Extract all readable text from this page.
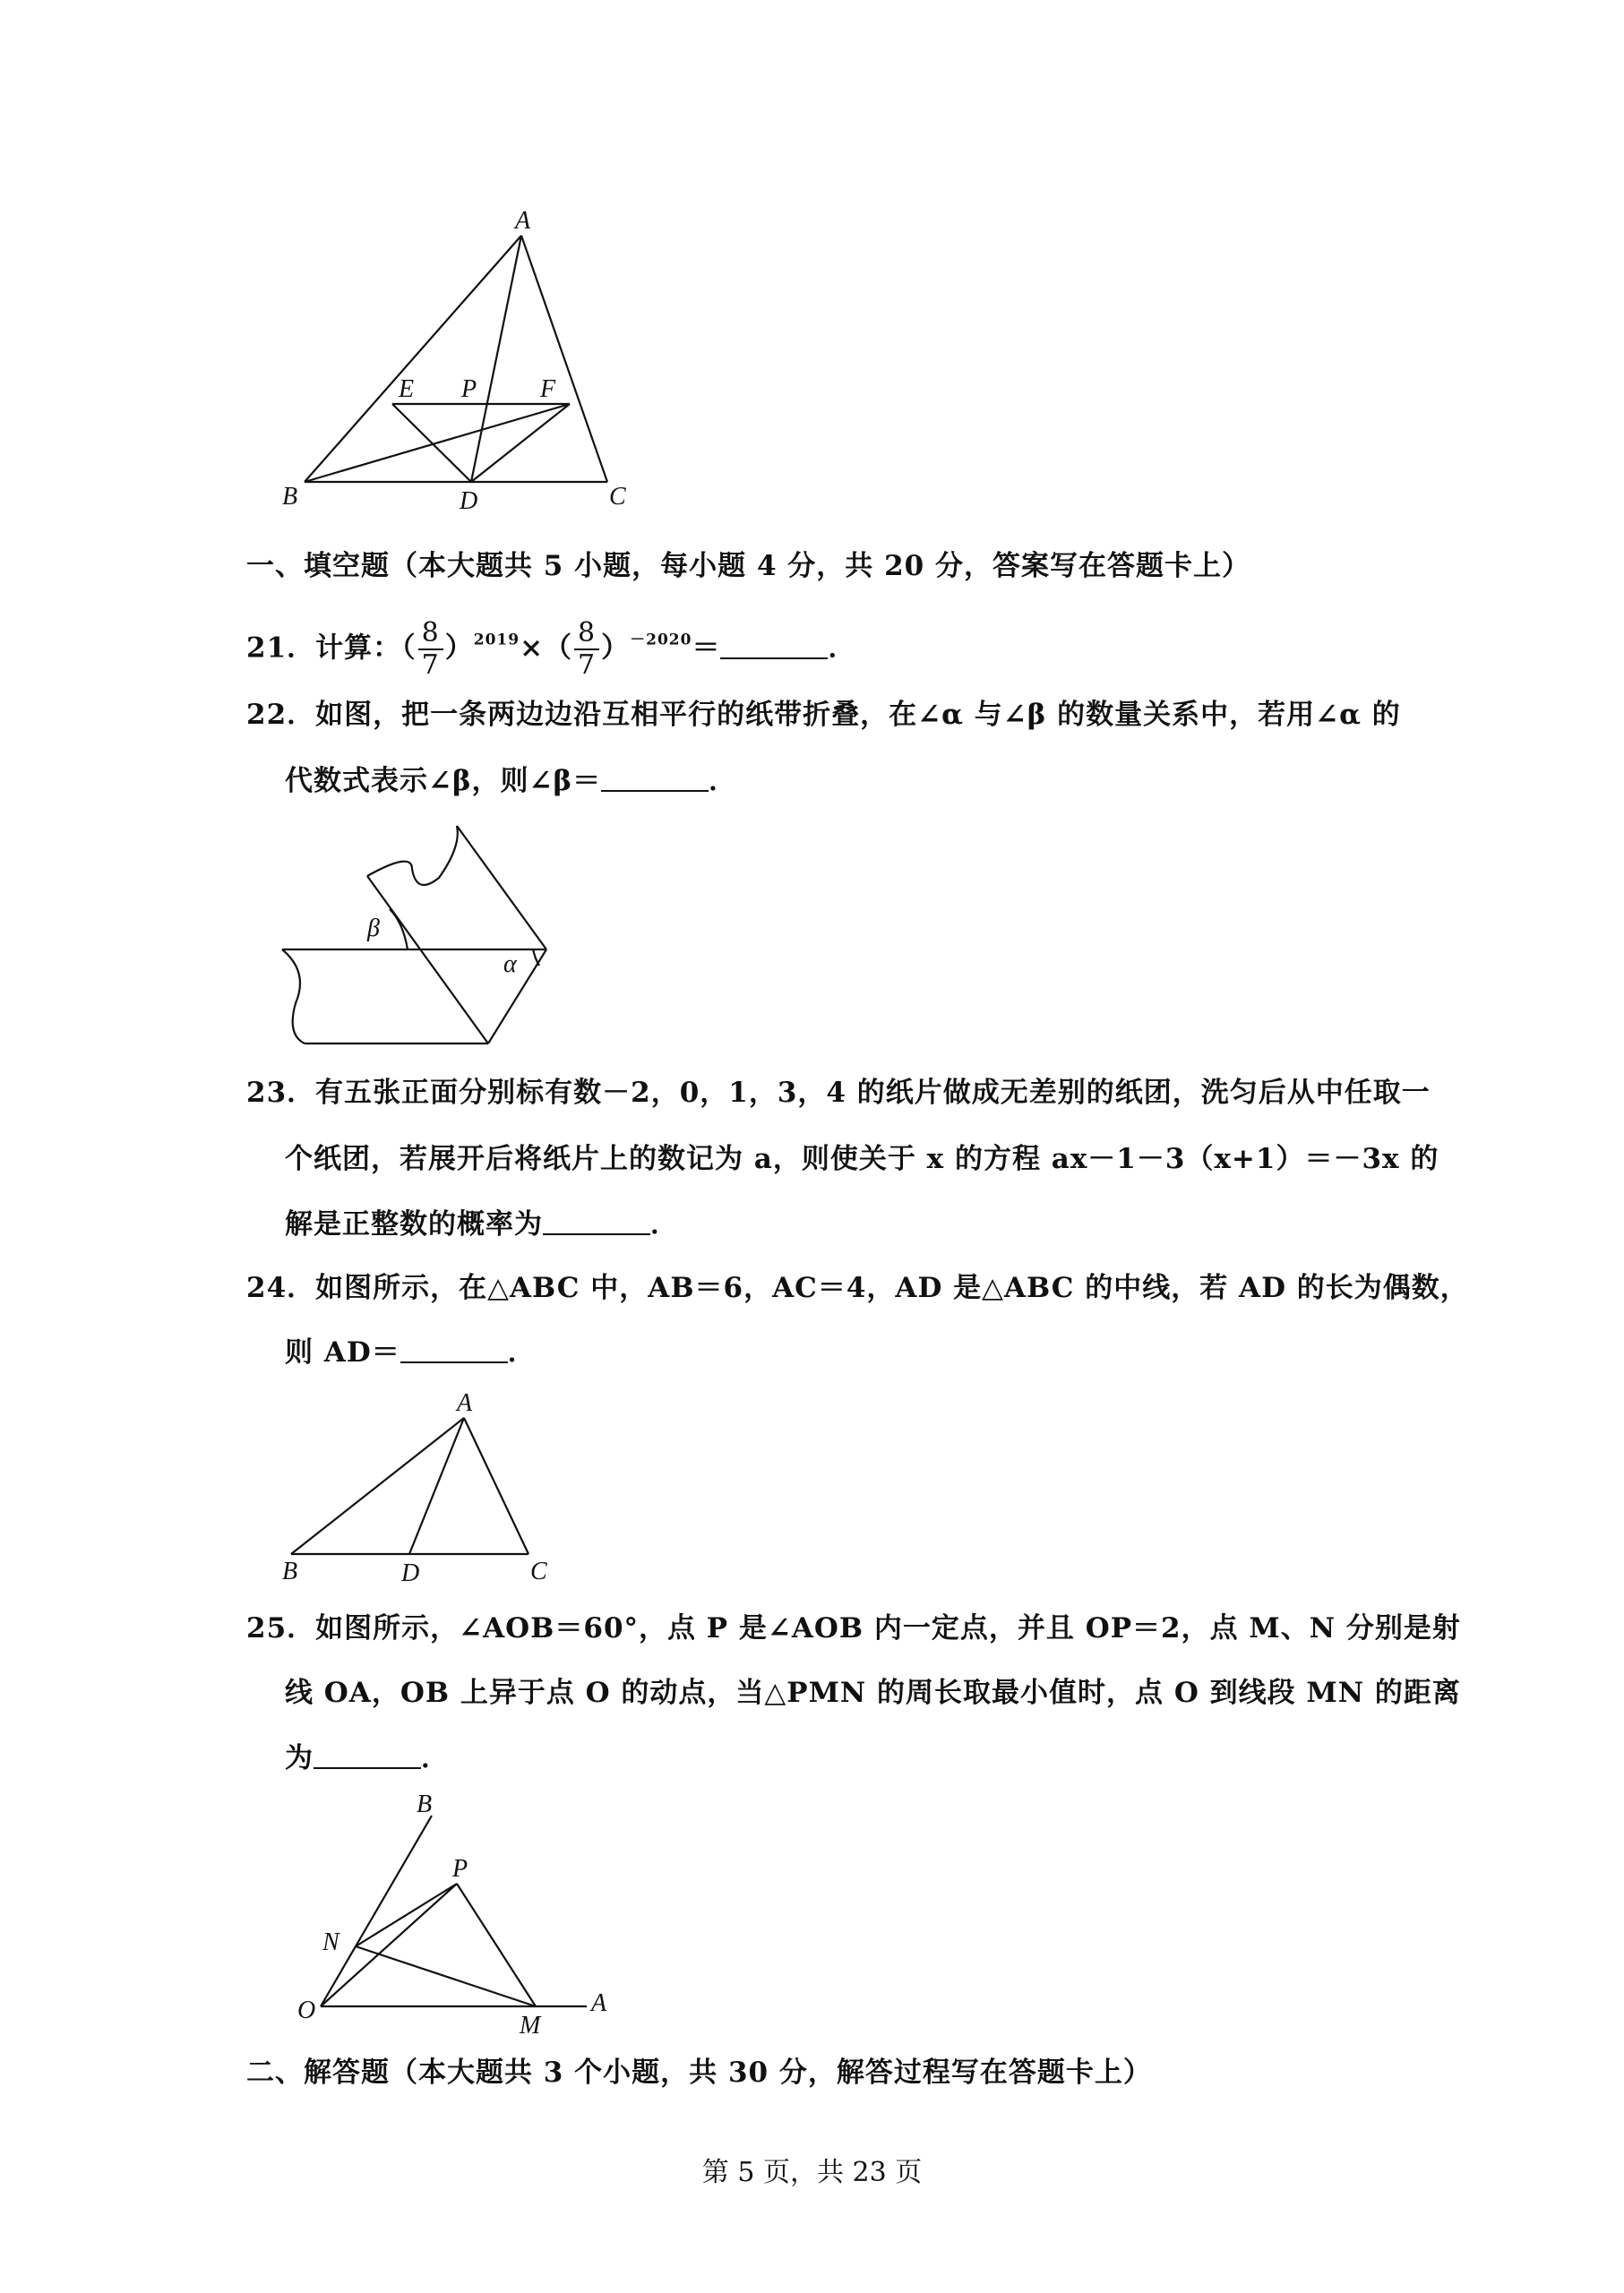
A
B	C
D
E P	F
一、填空题（本大题共 5 小题，每小题 4 分，共 20 分，答案写在答题卡上）
21．计算：（ $\frac{8}{7} )^{2019}\times( \frac{8}{7} )^{-2020}=$	．
22．如图，把一条两边边沿互相平行的纸带折叠，在∠α 与∠β 的数量关系中，若用∠α 的
代数式表示∠β，则∠β＝	．
β
α
23．有五张正面分别标有数－2，0，1，3，4 的纸片做成无差别的纸团，洗匀后从中任取一
个纸团，若展开后将纸片上的数记为 a，则使关于 x 的方程 ax－1－3（x+1）＝－3x 的
解是正整数的概率为	．
24．如图所示，在△ABC 中，AB＝6，AC＝4，AD 是△ABC 的中线，若 AD 的长为偶数，
则 AD＝	．
A
B	D	C
25．如图所示，∠AOB＝60°，点 P 是∠AOB 内一定点，并且 OP＝2，点 M、N 分别是射
线 OA，OB 上异于点 O 的动点，当△PMN 的周长取最小值时，点 O 到线段 MN 的距离
为	．
O	A
B
P
N
M
二、解答题（本大题共 3 个小题，共 30 分，解答过程写在答题卡上）
第 5 页，共 23 页
